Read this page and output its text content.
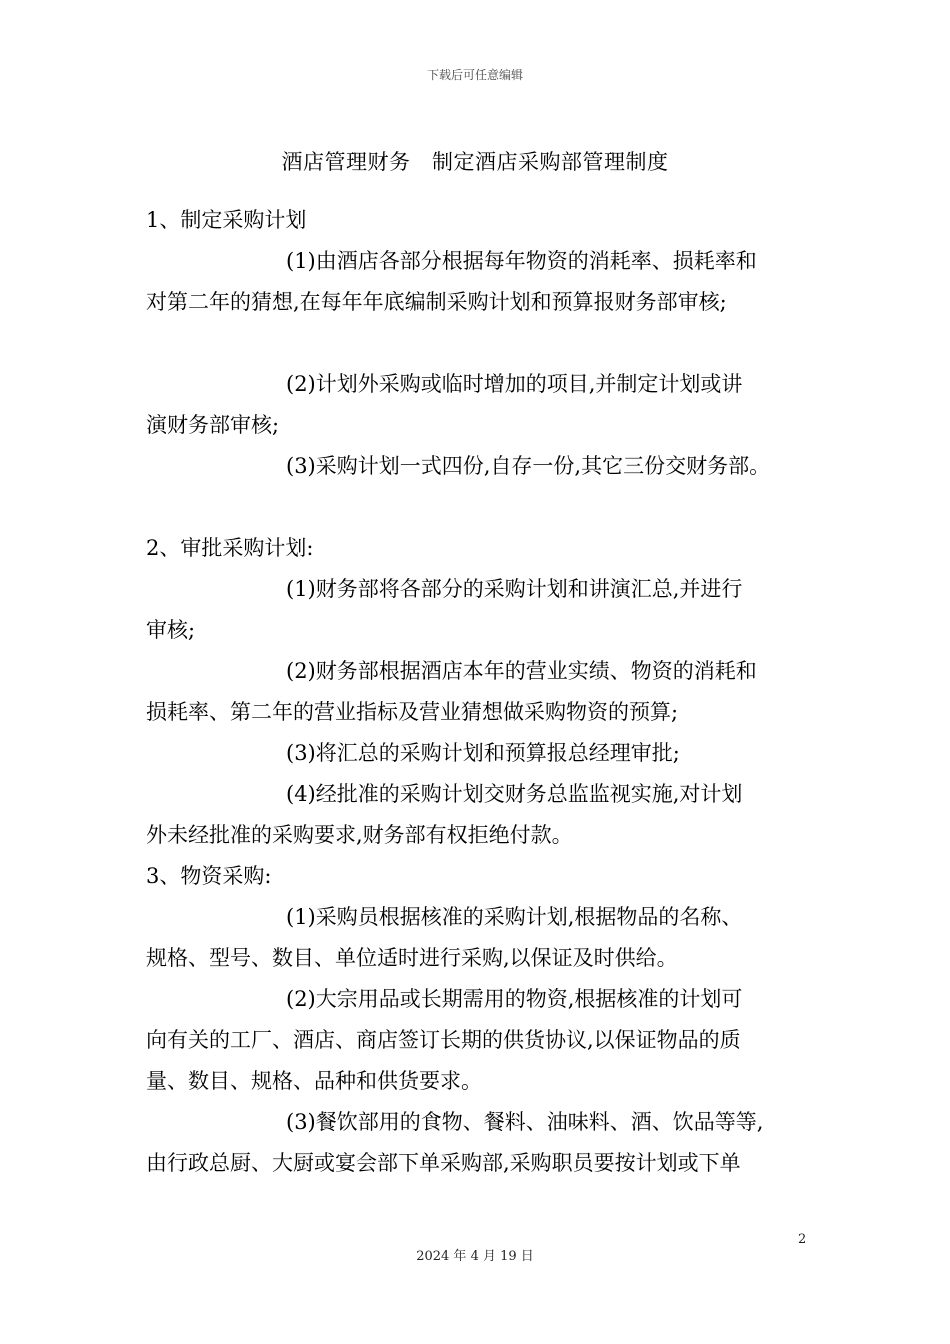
下载后可任意编辑
酒店管理财务　制定酒店采购部管理制度
1、制定采购计划
(1)由酒店各部分根据每年物资的消耗率、损耗率和
对第二年的猜想,在每年年底编制采购计划和预算报财务部审核;
(2)计划外采购或临时增加的项目,并制定计划或讲
演财务部审核;
(3)采购计划一式四份,自存一份,其它三份交财务部。
2、审批采购计划:
(1)财务部将各部分的采购计划和讲演汇总,并进行
审核;
(2)财务部根据酒店本年的营业实绩、物资的消耗和
损耗率、第二年的营业指标及营业猜想做采购物资的预算;
(3)将汇总的采购计划和预算报总经理审批;
(4)经批准的采购计划交财务总监监视实施,对计划
外未经批准的采购要求,财务部有权拒绝付款。
3、物资采购:
(1)采购员根据核准的采购计划,根据物品的名称、
规格、型号、数目、单位适时进行采购,以保证及时供给。
(2)大宗用品或长期需用的物资,根据核准的计划可
向有关的工厂、酒店、商店签订长期的供货协议,以保证物品的质
量、数目、规格、品种和供货要求。
(3)餐饮部用的食物、餐料、油味料、酒、饮品等等,
由行政总厨、大厨或宴会部下单采购部,采购职员要按计划或下单
2
2024 年 4 月 19 日
